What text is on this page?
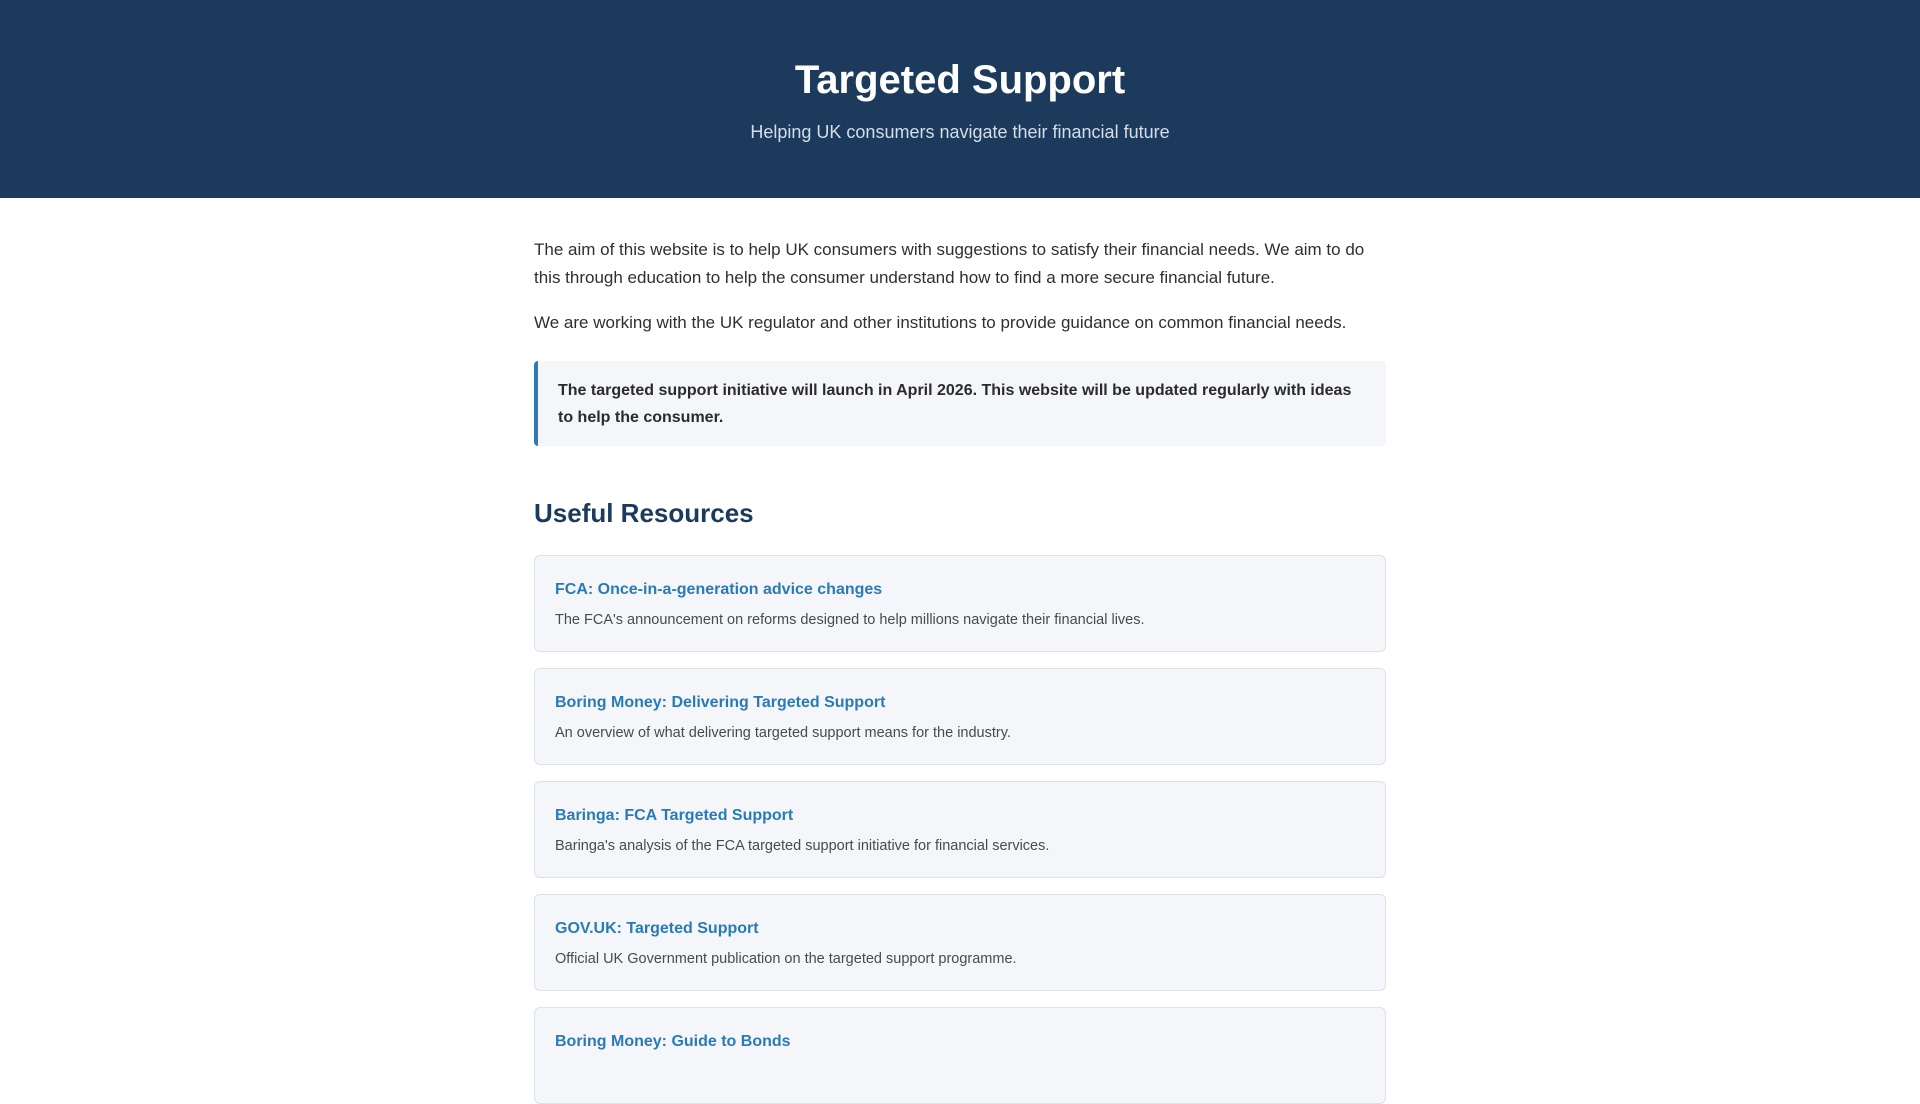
Targeted Support

Helping UK consumers navigate their financial future

The aim of this website is to help UK consumers with suggestions to satisfy their financial needs. We aim to do this through education to help the consumer understand how to find a more secure financial future.

We are working with the UK regulator and other institutions to provide guidance on common financial needs.

The targeted support initiative will launch in April 2026. This website will be updated regularly with ideas to help the consumer.
Useful Resources
FCA: Once-in-a-generation advice changes

The FCA's announcement on reforms designed to help millions navigate their financial lives.

Boring Money: Delivering Targeted Support

An overview of what delivering targeted support means for the industry.

Baringa: FCA Targeted Support

Baringa's analysis of the FCA targeted support initiative for financial services.

GOV.UK: Targeted Support

Official UK Government publication on the targeted support programme.

Boring Money: Guide to Bonds
